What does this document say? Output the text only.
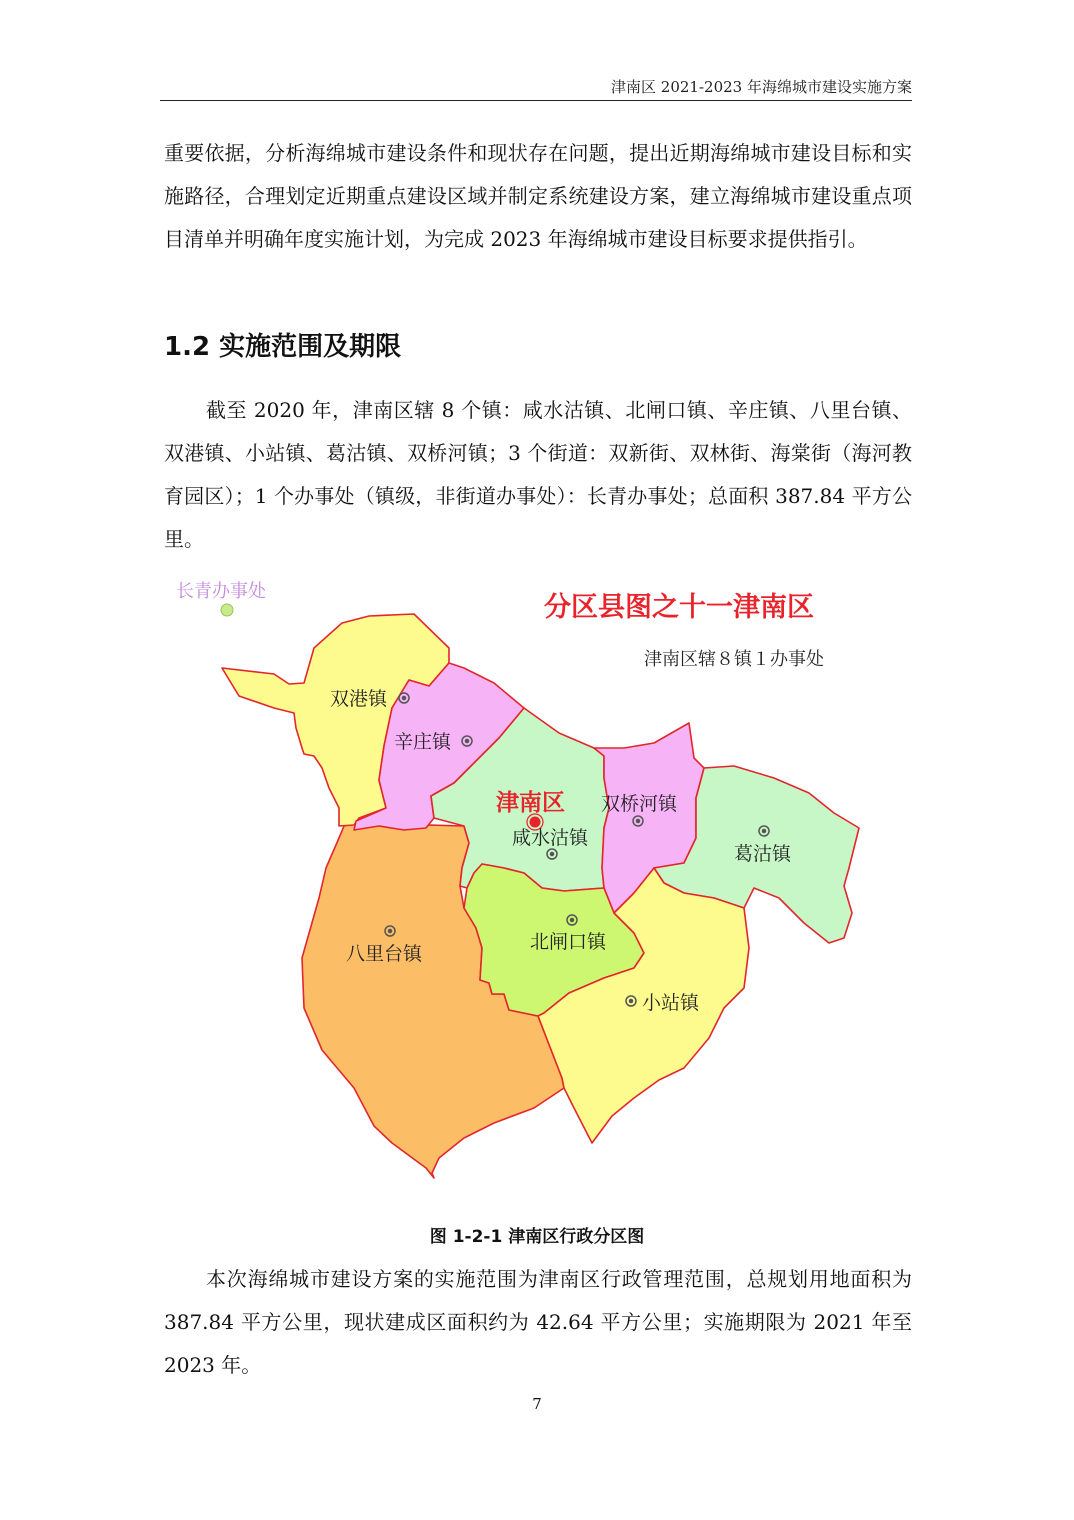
津南区 2021-2023 年海绵城市建设实施方案

重要依据，分析海绵城市建设条件和现状存在问题，提出近期海绵城市建设目标和实施路径，合理划定近期重点建设区域并制定系统建设方案，建立海绵城市建设重点项目清单并明确年度实施计划，为完成 2023 年海绵城市建设目标要求提供指引。

1.2 实施范围及期限

截至 2020 年，津南区辖 8 个镇：咸水沽镇、北闸口镇、辛庄镇、八里台镇、双港镇、小站镇、葛沽镇、双桥河镇；3 个街道：双新街、双林街、海棠街（海河教育园区）；1 个办事处（镇级，非街道办事处）：长青办事处；总面积 387.84 平方公里。

长青办事处
分区县图之十一津南区
津南区辖８镇１办事处
双港镇
辛庄镇
津南区
咸水沽镇
双桥河镇
葛沽镇
八里台镇
北闸口镇
小站镇
图 1-2-1 津南区行政分区图

本次海绵城市建设方案的实施范围为津南区行政管理范围，总规划用地面积为 387.84 平方公里，现状建成区面积约为 42.64 平方公里；实施期限为 2021 年至 2023 年。

7
